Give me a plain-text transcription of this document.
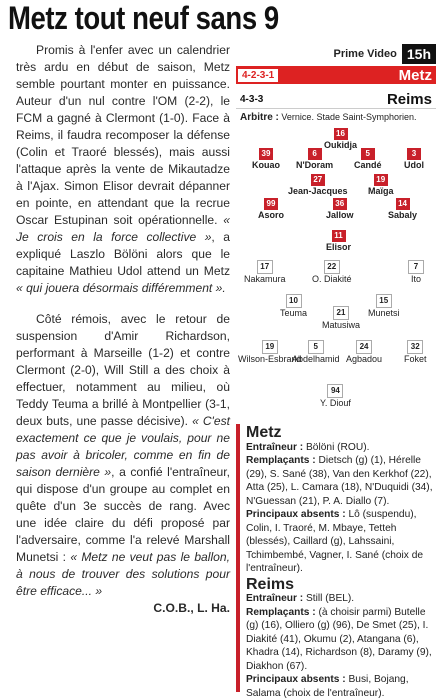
Metz tout neuf sans 9

Promis à l'enfer avec un calendrier très ardu en début de saison, Metz semble pourtant monter en puissance. Auteur d'un nul contre l'OM (2-2), le FCM a gagné à Clermont (1-0). Face à Reims, il faudra recomposer la défense (Colin et Traoré blessés), mais aussi l'attaque après la vente de Mikautadze à l'Ajax. Simon Elisor devrait dépanner en pointe, en attendant que la recrue Oscar Estupinan soit opérationnelle. « Je crois en la force collective », a expliqué Laszlo Bölöni alors que le capitaine Mathieu Udol attend un Metz « qui jouera désormais différemment ».

Côté rémois, avec le retour de suspension d'Amir Richardson, performant à Marseille (1-2) et contre Clermont (2-0), Will Still a des choix à effectuer, notamment au milieu, où Teddy Teuma a brillé à Montpellier (3-1, deux buts, une passe décisive). « C'est exactement ce que je voulais, pour ne pas avoir à bricoler, comme en fin de saison dernière », a confié l'entraîneur, qui dispose d'un groupe au complet en quête d'un 3e succès de rang. Avec une idée claire du défi proposé par l'adversaire, comme l'a relevé Marshall Munetsi : « Metz ne veut pas le ballon, à nous de trouver des solutions pour être efficace... »

C.O.B., L. Ha.
Prime Video 15h
4-2-3-1	Metz
4-3-3	Reims
Arbitre : Vernice. Stade Saint-Symphorien.
16
Oukidja
39
Kouao
6
N'Doram
5
Candé
3
Udol
27
Jean-Jacques
19
Maïga
99
Asoro
36
Jallow
14
Sabaly
11
Elisor
17
Nakamura
22
O. Diakité
7
Ito
10
Teuma
15
Munetsi
21
Matusiwa
19
Wilson-Esbrand
5
Abdelhamid
24
Agbadou
32
Foket
94
Y. Diouf
Metz

Entraîneur : Bölöni (ROU).

Remplaçants : Dietsch (g) (1), Hérelle (29), S. Sané (38), Van den Kerkhof (22), Atta (25), L. Camara (18), N'Duquidi (34), N'Guessan (21), P. A. Diallo (7).

Principaux absents : Lô (suspendu), Colin, I. Traoré, M. Mbaye, Tetteh (blessés), Caillard (g), Lahssaini, Tchimbembé, Vagner, I. Sané (choix de l'entraîneur).

Reims

Entraîneur : Still (BEL).

Remplaçants : (à choisir parmi) Butelle (g) (16), Olliero (g) (96), De Smet (25), I. Diakité (41), Okumu (2), Atangana (6), Khadra (14), Richardson (8), Daramy (9), Diakhon (67).

Principaux absents : Busi, Bojang, Salama (choix de l'entraîneur).
